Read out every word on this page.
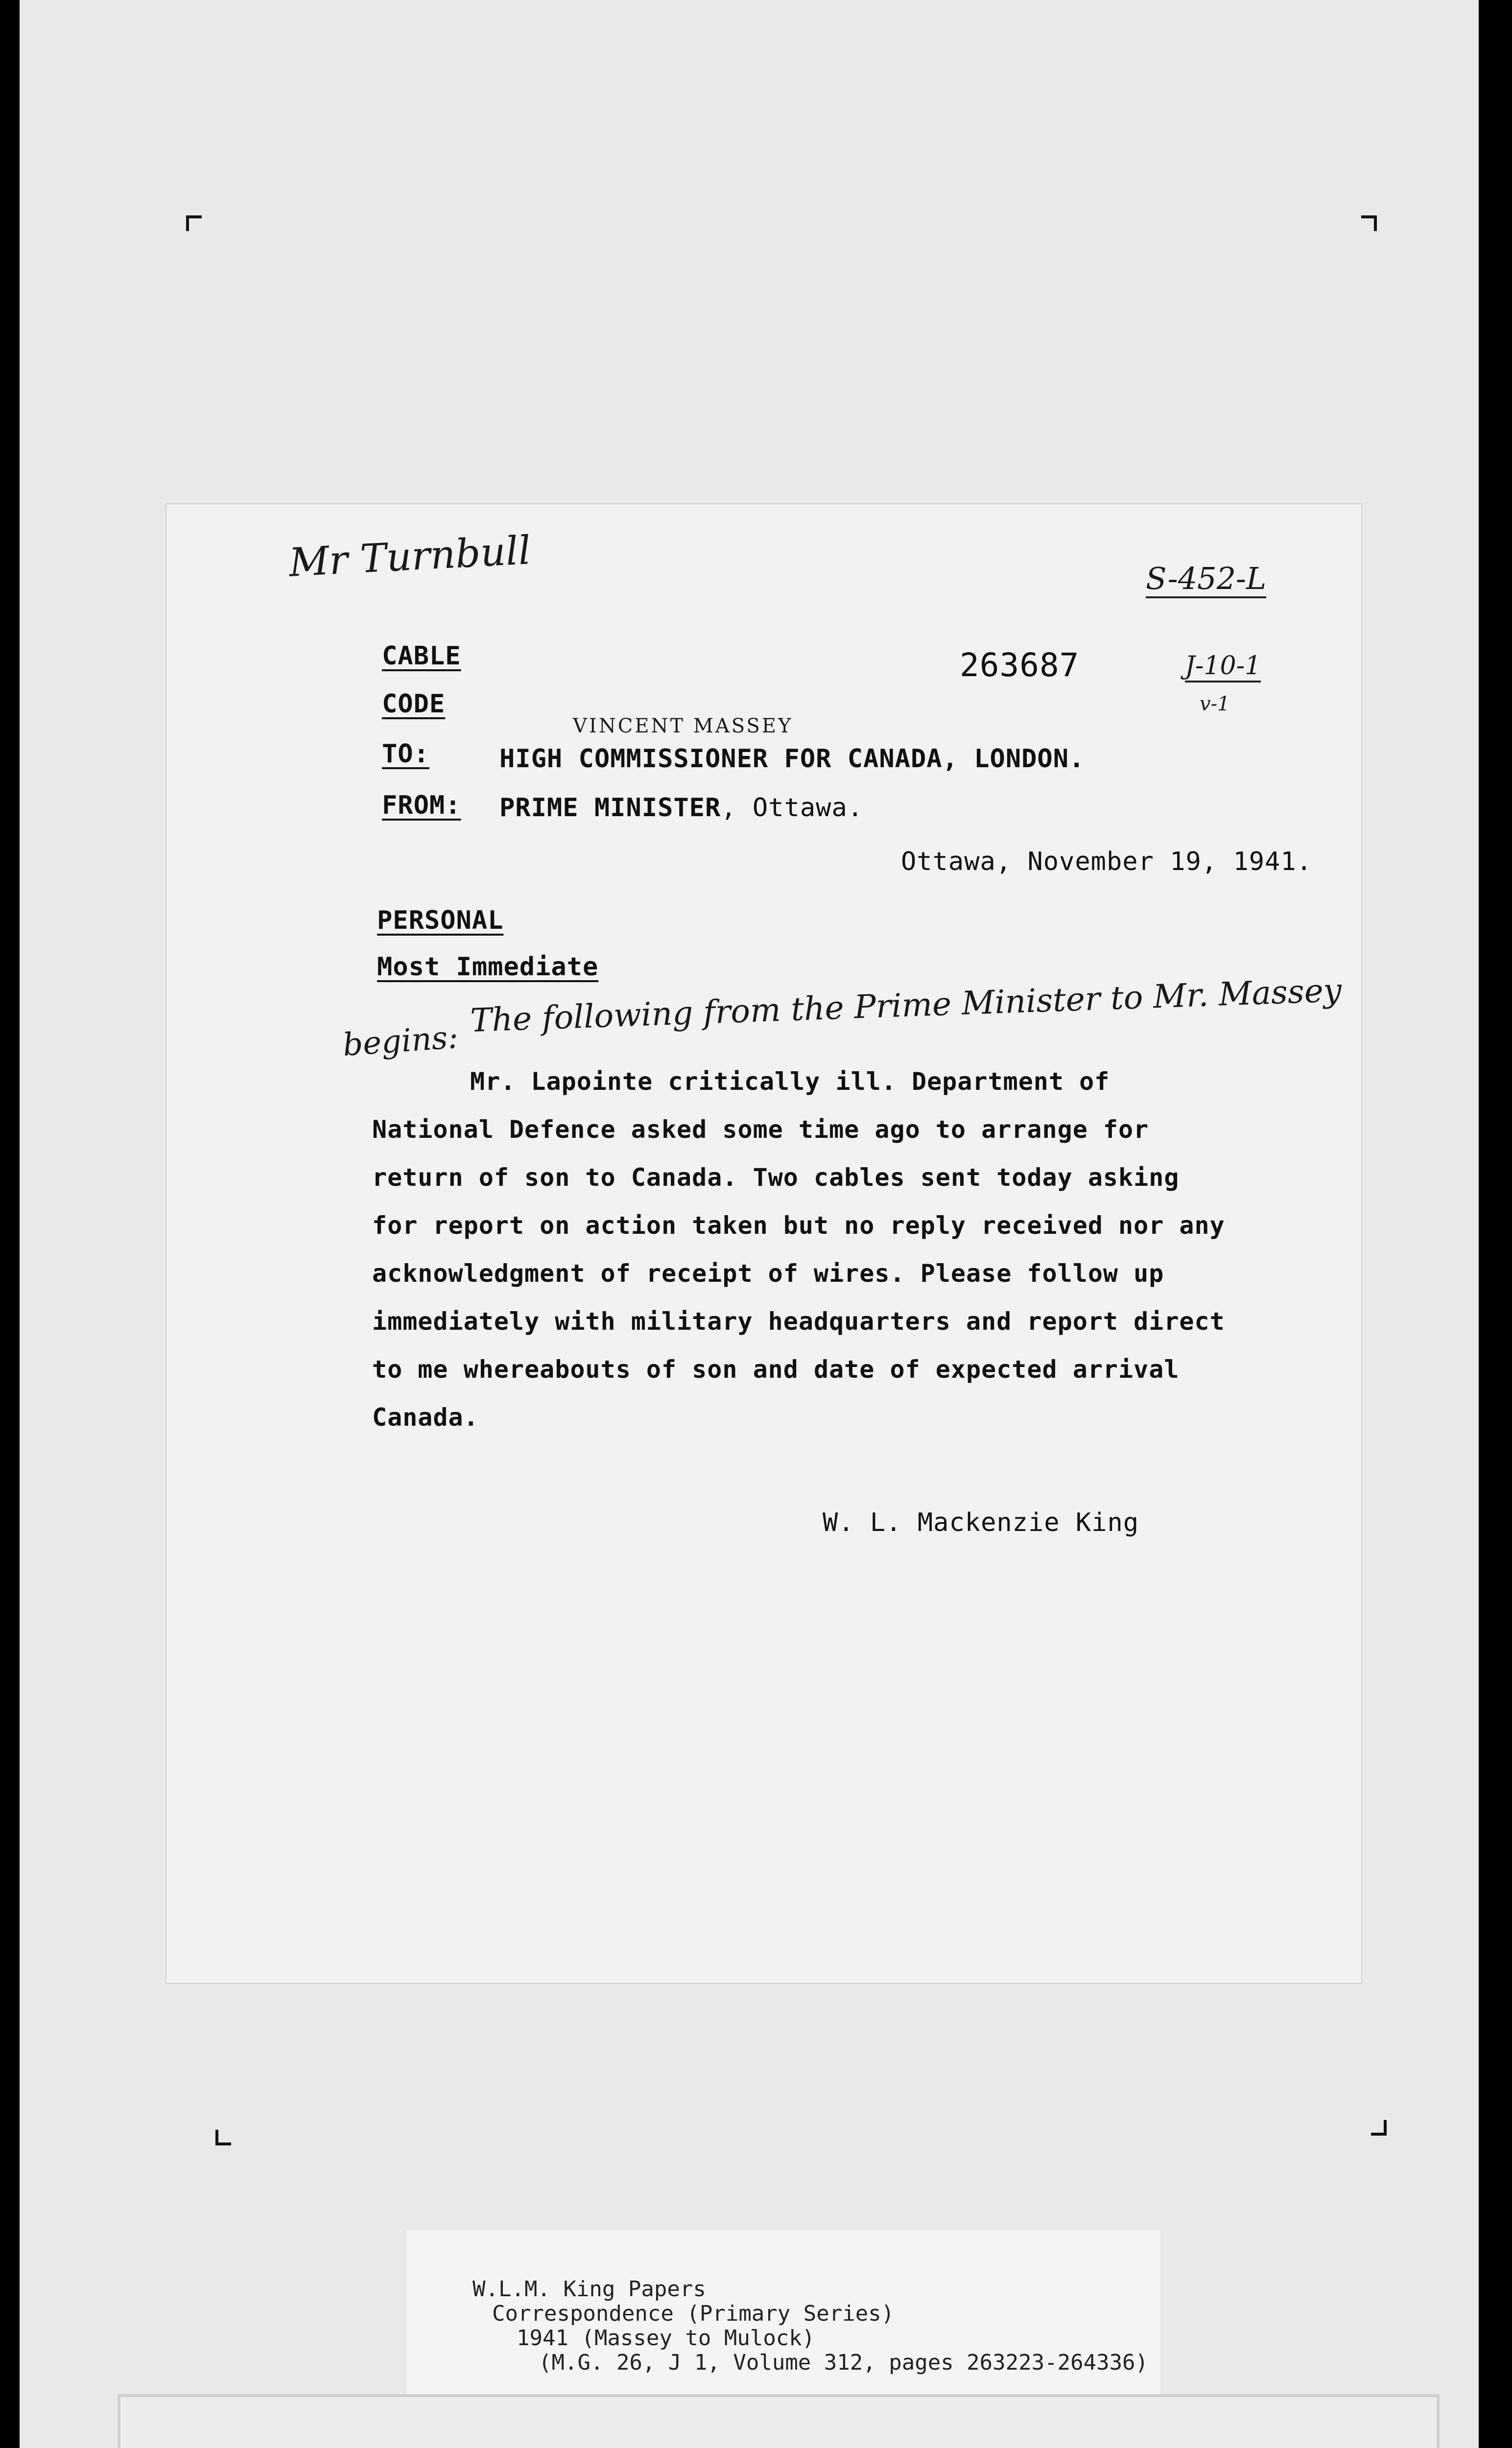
Mr Turnbull	S-452-L
J-10-1
v-1
CABLE	263687
CODE
VINCENT MASSEY
TO:	HIGH COMMISSIONER FOR CANADA, LONDON.
FROM: PRIME MINISTER, Ottawa.
Ottawa, November 19, 1941.
PERSONAL
Most Immediate
begins:
The following from the Prime Minister to Mr. Massey
Mr. Lapointe critically ill. Department of
National Defence asked some time ago to arrange for
return of son to Canada. Two cables sent today asking
for report on action taken but no reply received nor any
acknowledgment of receipt of wires. Please follow up
immediately with military headquarters and report direct
to me whereabouts of son and date of expected arrival
Canada.
W. L. Mackenzie King
W.L.M. King Papers
Correspondence (Primary Series)
1941 (Massey to Mulock)
(M.G. 26, J 1, Volume 312, pages 263223-264336)
